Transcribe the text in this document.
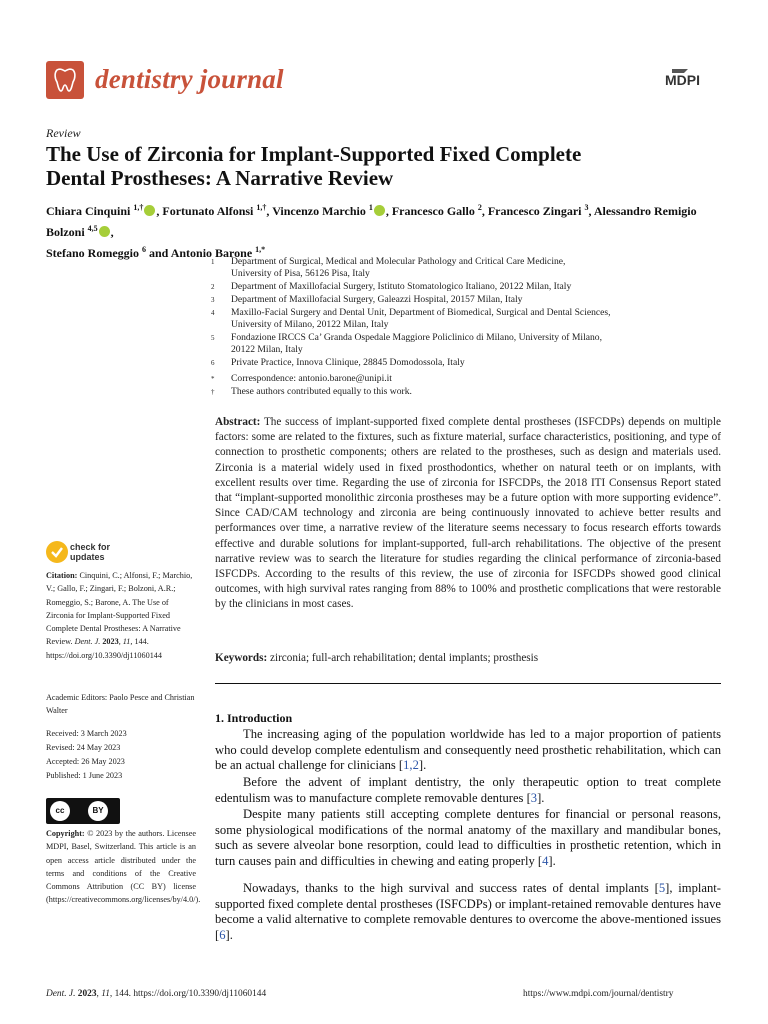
dentistry journal	MDPI
Review
The Use of Zirconia for Implant-Supported Fixed Complete
Dental Prostheses: A Narrative Review
Chiara Cinquini $^{1,\dagger}$ , Fortunato Alfonsi $^{1,\dagger}$, Vincenzo Marchio $^1$ , Francesco Gallo $^2$, Francesco Zingari $^3$, Alessandro Remigio Bolzoni $^{4,5}$ ,
Stefano Romeggio $^6$ and Antonio Barone $^{1,*}$
1 Department of Surgical, Medical and Molecular Pathology and Critical Care Medicine,
University of Pisa, 56126 Pisa, Italy
2 Department of Maxillofacial Surgery, Istituto Stomatologico Italiano, 20122 Milan, Italy
3 Department of Maxillofacial Surgery, Galeazzi Hospital, 20157 Milan, Italy
4 Maxillo-Facial Surgery and Dental Unit, Department of Biomedical, Surgical and Dental Sciences,
University of Milano, 20122 Milan, Italy
5 Fondazione IRCCS Ca’ Granda Ospedale Maggiore Policlinico di Milano, University of Milano,
20122 Milan, Italy
6 Private Practice, Innova Clinique, 28845 Domodossola, Italy
* Correspondence: antonio.barone@unipi.it
† These authors contributed equally to this work.
Abstract: The success of implant-supported fixed complete dental prostheses (ISFCDPs) depends on multiple factors: some are related to the fixtures, such as fixture material, surface characteristics, positioning, and type of connection to prosthetic components; others are related to the prostheses, such as design and materials used. Zirconia is a material widely used in fixed prosthodontics, whether on natural teeth or on implants, with excellent results over time. Regarding the use of zirconia for ISFCDPs, the 2018 ITI Consensus Report stated that “implant-supported monolithic zirconia prostheses may be a future option with more supporting evidence”. Since CAD/CAM technology and zirconia are being continuously innovated to achieve better results and performances over time, a narrative review of the literature seems necessary to focus research efforts towards effective and durable solutions for implant-supported, full-arch rehabilitations. The objective of the present narrative review was to search the literature for studies regarding the clinical performance of zirconia-based ISFCDPs. According to the results of this review, the use of zirconia for ISFCDPs showed good clinical outcomes, with high survival rates ranging from 88% to 100% and prosthetic complications that were restorable by the clinicians in most cases.
Keywords: zirconia; full-arch rehabilitation; dental implants; prosthesis
1. Introduction
The increasing aging of the population worldwide has led to a major proportion of patients who could develop complete edentulism and consequently need prosthetic rehabilitation, which can be an actual challenge for clinicians [1,2].
Before the advent of implant dentistry, the only therapeutic option to treat complete edentulism was to manufacture complete removable dentures [3].
Despite many patients still accepting complete dentures for financial or personal reasons, some physiological modifications of the normal anatomy of the maxillary and mandibular bones, such as severe alveolar bone resorption, could lead to difficulties in prosthetic retention, which in turn causes pain and difficulties in chewing and eating properly [4].
Nowadays, thanks to the high survival and success rates of dental implants [5], implant-supported fixed complete dental prostheses (ISFCDPs) or implant-retained removable dentures have become a valid alternative to complete removable dentures to overcome the above-mentioned issues [6].
check for
updates
Citation: Cinquini, C.; Alfonsi, F.; Marchio, V.; Gallo, F.; Zingari, F.; Bolzoni, A.R.; Romeggio, S.; Barone, A. The Use of Zirconia for Implant-Supported Fixed Complete Dental Prostheses: A Narrative Review. Dent. J. 2023, 11, 144. https://doi.org/10.3390/dj11060144
Academic Editors: Paolo Pesce and Christian Walter
Received: 3 March 2023
Revised: 24 May 2023
Accepted: 26 May 2023
Published: 1 June 2023
cc	BY
Copyright: © 2023 by the authors. Licensee MDPI, Basel, Switzerland. This article is an open access article distributed under the terms and conditions of the Creative Commons Attribution (CC BY) license (https://creativecommons.org/licenses/by/4.0/).
Dent. J. 2023, 11, 144. https://doi.org/10.3390/dj11060144	https://www.mdpi.com/journal/dentistry
